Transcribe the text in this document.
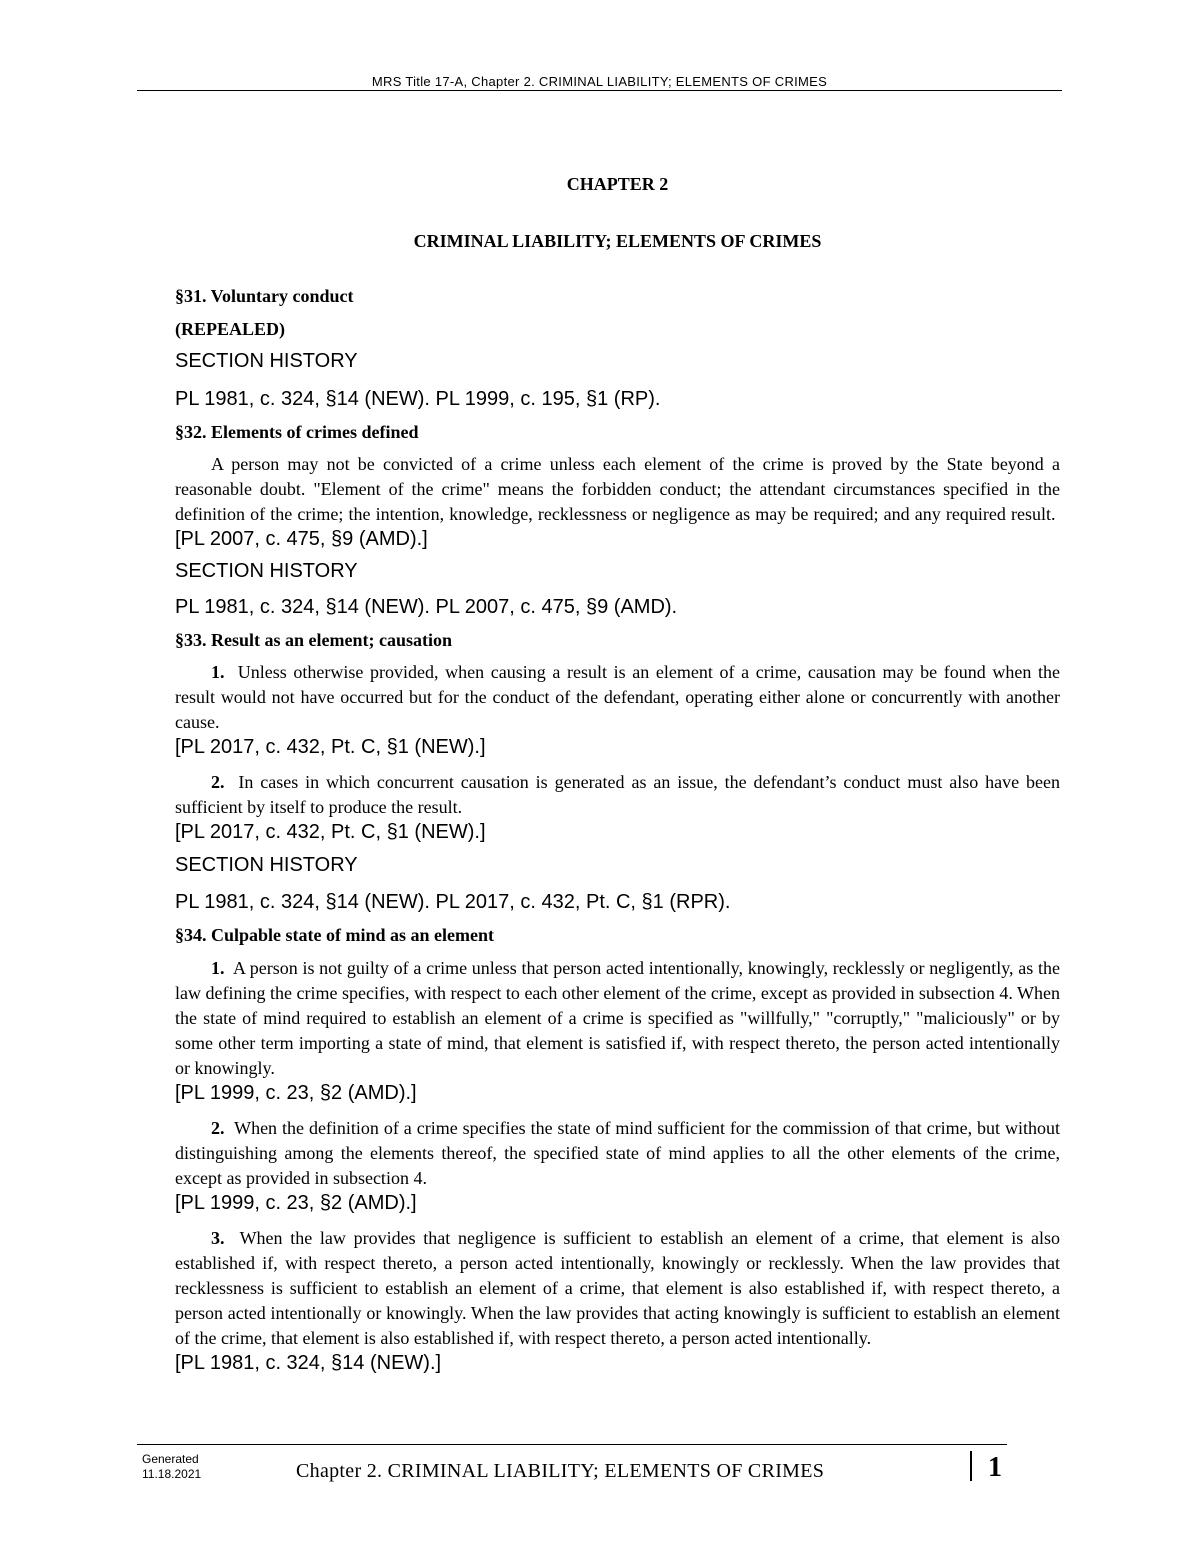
MRS Title 17-A, Chapter 2. CRIMINAL LIABILITY; ELEMENTS OF CRIMES
CHAPTER 2
CRIMINAL LIABILITY; ELEMENTS OF CRIMES
§31. Voluntary conduct
(REPEALED)
SECTION HISTORY
PL 1981, c. 324, §14 (NEW). PL 1999, c. 195, §1 (RP).
§32. Elements of crimes defined

A person may not be convicted of a crime unless each element of the crime is proved by the State beyond a reasonable doubt. "Element of the crime" means the forbidden conduct; the attendant circumstances specified in the definition of the crime; the intention, knowledge, recklessness or negligence as may be required; and any required result.  [PL 2007, c. 475, §9 (AMD).]

SECTION HISTORY
PL 1981, c. 324, §14 (NEW). PL 2007, c. 475, §9 (AMD).
§33. Result as an element; causation

1. Unless otherwise provided, when causing a result is an element of a crime, causation may be found when the result would not have occurred but for the conduct of the defendant, operating either alone or concurrently with another cause.

[PL 2017, c. 432, Pt. C, §1 (NEW).]

2. In cases in which concurrent causation is generated as an issue, the defendant’s conduct must also have been sufficient by itself to produce the result.

[PL 2017, c. 432, Pt. C, §1 (NEW).]
SECTION HISTORY
PL 1981, c. 324, §14 (NEW). PL 2017, c. 432, Pt. C, §1 (RPR).
§34. Culpable state of mind as an element

1. A person is not guilty of a crime unless that person acted intentionally, knowingly, recklessly or negligently, as the law defining the crime specifies, with respect to each other element of the crime, except as provided in subsection 4. When the state of mind required to establish an element of a crime is specified as "willfully," "corruptly," "maliciously" or by some other term importing a state of mind, that element is satisfied if, with respect thereto, the person acted intentionally or knowingly.

[PL 1999, c. 23, §2 (AMD).]

2. When the definition of a crime specifies the state of mind sufficient for the commission of that crime, but without distinguishing among the elements thereof, the specified state of mind applies to all the other elements of the crime, except as provided in subsection 4.

[PL 1999, c. 23, §2 (AMD).]

3. When the law provides that negligence is sufficient to establish an element of a crime, that element is also established if, with respect thereto, a person acted intentionally, knowingly or recklessly. When the law provides that recklessness is sufficient to establish an element of a crime, that element is also established if, with respect thereto, a person acted intentionally or knowingly. When the law provides that acting knowingly is sufficient to establish an element of the crime, that element is also established if, with respect thereto, a person acted intentionally.

[PL 1981, c. 324, §14 (NEW).]
Generated
11.18.2021	Chapter 2. CRIMINAL LIABILITY; ELEMENTS OF CRIMES	1
